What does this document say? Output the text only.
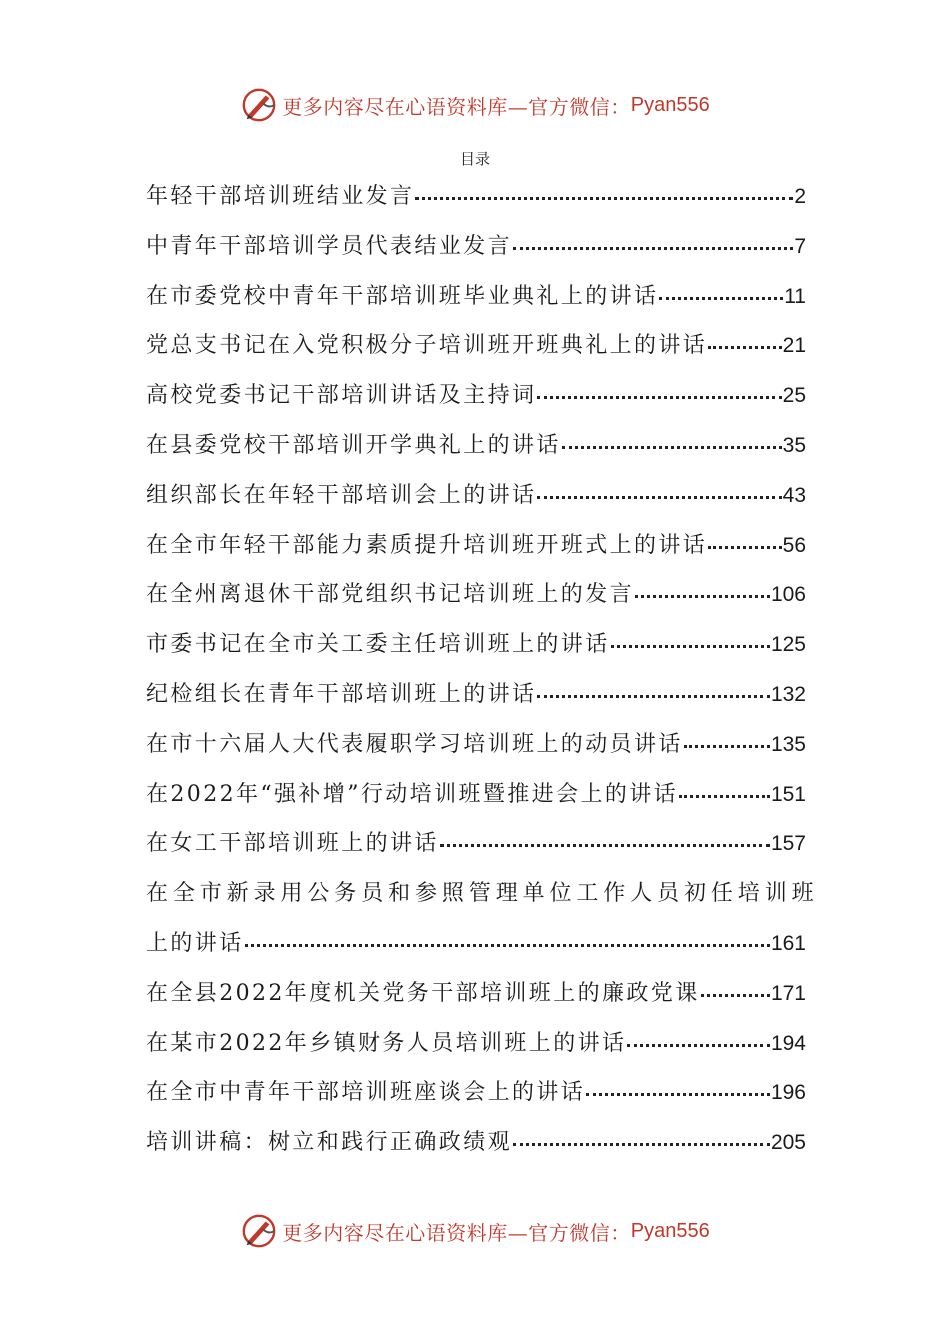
更多内容尽在心语资料库—官方微信： Pyan556
目录
年轻干部培训班结业发言	2
中青年干部培训学员代表结业发言	7
在市委党校中青年干部培训班毕业典礼上的讲话	11
党总支书记在入党积极分子培训班开班典礼上的讲话	21
高校党委书记干部培训讲话及主持词	25
在县委党校干部培训开学典礼上的讲话	35
组织部长在年轻干部培训会上的讲话	43
在全市年轻干部能力素质提升培训班开班式上的讲话	56
在全州离退休干部党组织书记培训班上的发言	106
市委书记在全市关工委主任培训班上的讲话	125
纪检组长在青年干部培训班上的讲话	132
在市十六届人大代表履职学习培训班上的动员讲话	135
在2022年“强补增”行动培训班暨推进会上的讲话	151
在女工干部培训班上的讲话	157
在全市新录用公务员和参照管理单位工作人员初任培训班
上的讲话	161
在全县2022年度机关党务干部培训班上的廉政党课	171
在某市2022年乡镇财务人员培训班上的讲话	194
在全市中青年干部培训班座谈会上的讲话	196
培训讲稿：树立和践行正确政绩观	205
更多内容尽在心语资料库—官方微信： Pyan556
